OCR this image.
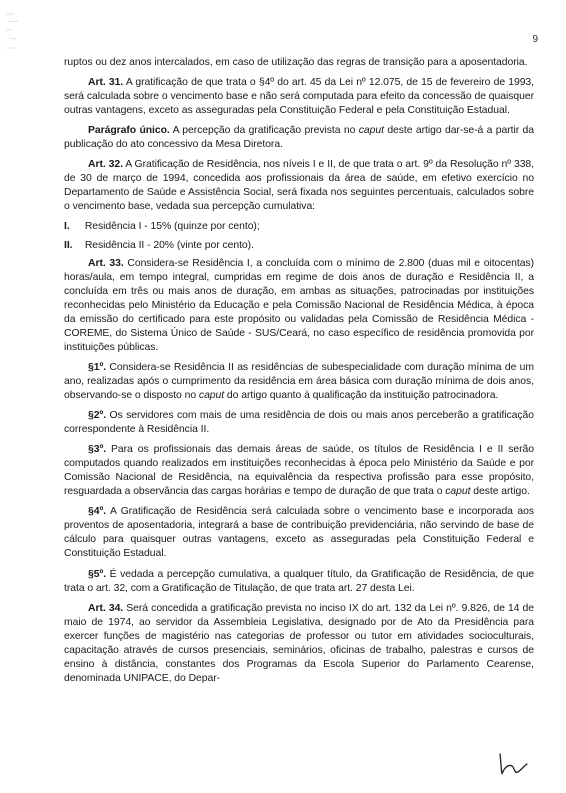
9

ruptos ou dez anos intercalados, em caso de utilização das regras de transição para a aposentadoria.

Art. 31. A gratificação de que trata o §4º do art. 45 da Lei nº 12.075, de 15 de fevereiro de 1993, será calculada sobre o vencimento base e não será computada para efeito da concessão de quaisquer outras vantagens, exceto as asseguradas pela Constituição Federal e pela Constituição Estadual.

Parágrafo único. A percepção da gratificação prevista no caput deste artigo dar-se-á a partir da publicação do ato concessivo da Mesa Diretora.

Art. 32. A Gratificação de Residência, nos níveis I e II, de que trata o art. 9º da Resolução nº 338, de 30 de março de 1994, concedida aos profissionais da área de saúde, em efetivo exercício no Departamento de Saúde e Assistência Social, será fixada nos seguintes percentuais, calculados sobre o vencimento base, vedada sua percepção cumulativa:

I. Residência I - 15% (quinze por cento);

II. Residência II - 20% (vinte por cento).

Art. 33. Considera-se Residência I, a concluída com o mínimo de 2.800 (duas mil e oitocentas) horas/aula, em tempo integral, cumpridas em regime de dois anos de duração e Residência II, a concluída em três ou mais anos de duração, em ambas as situações, patrocinadas por instituições reconhecidas pelo Ministério da Educação e pela Comissão Nacional de Residência Médica, à época da emissão do certificado para este propósito ou validadas pela Comissão de Residência Médica - COREME, do Sistema Único de Saúde - SUS/Ceará, no caso específico de residência promovida por instituições públicas.

§1º. Considera-se Residência II as residências de subespecialidade com duração mínima de um ano, realizadas após o cumprimento da residência em área básica com duração mínima de dois anos, observando-se o disposto no caput do artigo quanto à qualificação da instituição patrocinadora.

§2º. Os servidores com mais de uma residência de dois ou mais anos perceberão a gratificação correspondente à Residência II.

§3º. Para os profissionais das demais áreas de saúde, os títulos de Residência I e II serão computados quando realizados em instituições reconhecidas à época pelo Ministério da Saúde e por Comissão Nacional de Residência, na equivalência da respectiva profissão para esse propósito, resguardada a observância das cargas horárias e tempo de duração de que trata o caput deste artigo.

§4º. A Gratificação de Residência será calculada sobre o vencimento base e incorporada aos proventos de aposentadoria, integrará a base de contribuição previdenciária, não servindo de base de cálculo para quaisquer outras vantagens, exceto as asseguradas pela Constituição Federal e Constituição Estadual.

§5º. É vedada a percepção cumulativa, a qualquer título, da Gratificação de Residência, de que trata o art. 32, com a Gratificação de Titulação, de que trata art. 27 desta Lei.

Art. 34. Será concedida a gratificação prevista no inciso IX do art. 132 da Lei nº. 9.826, de 14 de maio de 1974, ao servidor da Assembleia Legislativa, designado por de Ato da Presidência para exercer funções de magistério nas categorias de professor ou tutor em atividades socioculturais, capacitação através de cursos presenciais, seminários, oficinas de trabalho, palestras e cursos de ensino à distância, constantes dos Programas da Escola Superior do Parlamento Cearense, denominada UNIPACE, do Depar-
